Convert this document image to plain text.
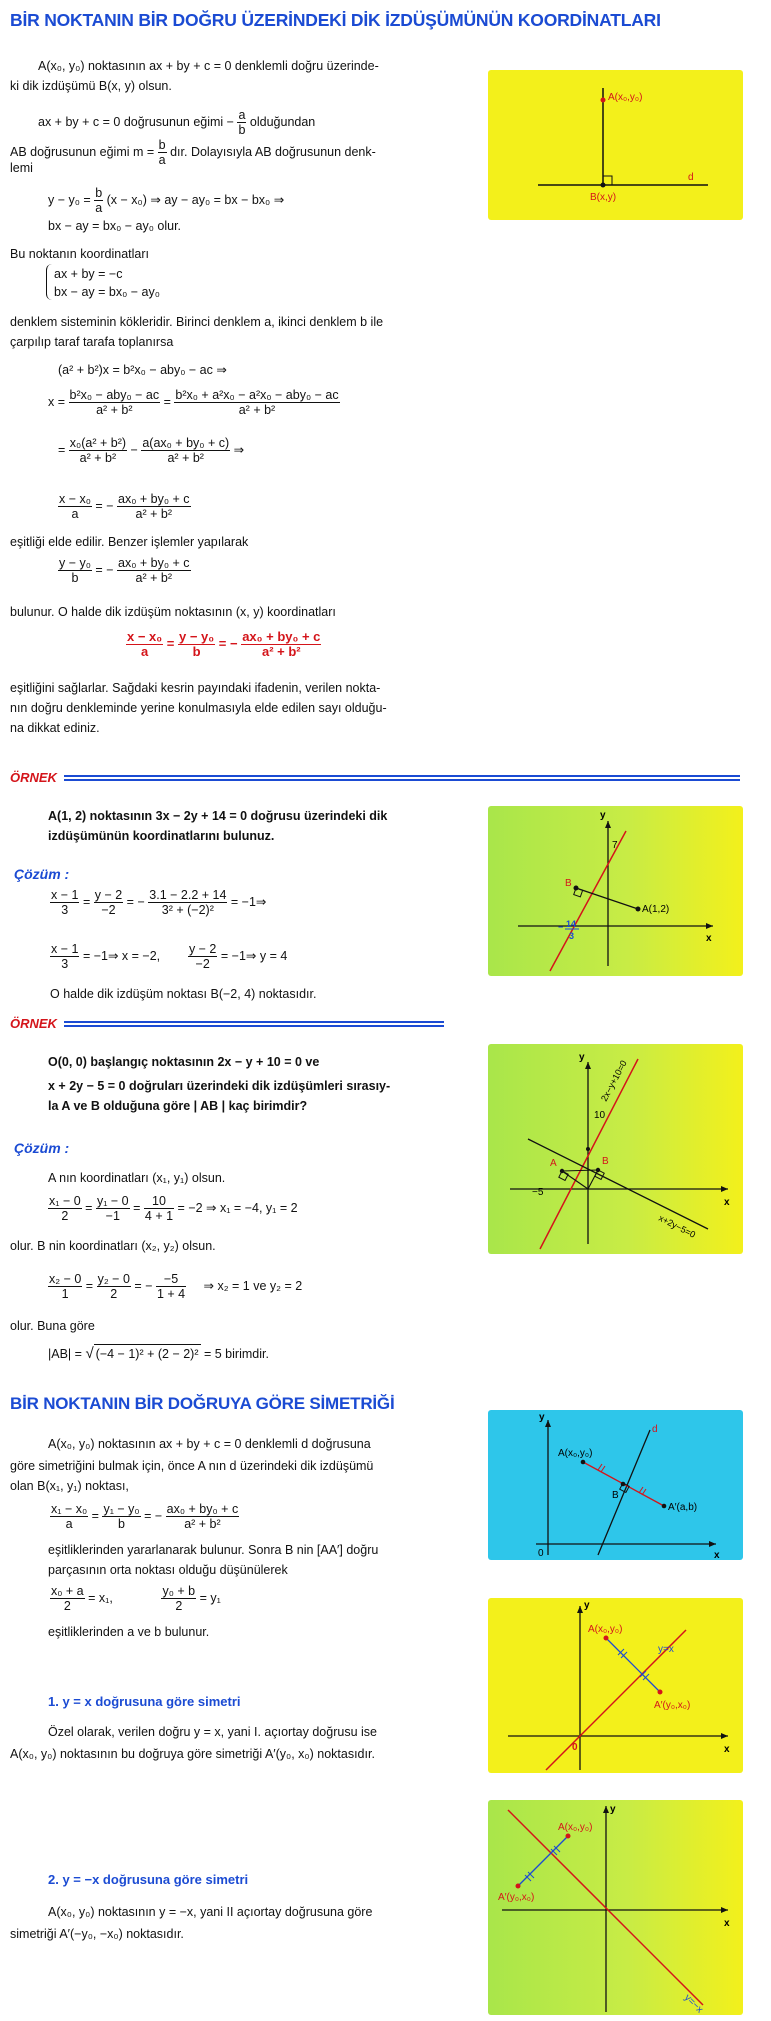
BİR NOKTANIN BİR DOĞRU ÜZERİNDEKİ DİK İZDÜŞÜMÜNÜN KOORDİNATLARI
A(x₀, y₀) noktasının ax + by + c = 0 denklemli doğru üzerinde-
ki dik izdüşümü B(x, y) olsun.
ax + by + c = 0 doğrusunun eğimi − $\frac{a}{b}$ olduğundan
AB doğrusunun eğimi $m = \frac{b}{a}$ dır. Dolayısıyla AB doğrusunun denk-
lemi
$y - y_0 = \frac{b}{a} (x - x_0)$ ⇒ ay − ay₀ = bx − bx₀ ⇒
bx − ay = bx₀ − ay₀ olur.
Bu noktanın koordinatları
ax + by = −c
bx − ay = bx₀ − ay₀
denklem sisteminin kökleridir. Birinci denklem a, ikinci denklem b ile
çarpılıp taraf tarafa toplanırsa
(a² + b²)x = b²x₀ − aby₀ − ac ⇒
$x = \frac{\text{b²x₀ − aby₀ − ac}}{\text{a² + b²}} = \frac{\text{b²x₀ + a²x₀ − a²x₀ − aby₀ − ac}}{\text{a² + b²}}$
= $\frac{\text{x₀(a² + b²)}}{\text{a² + b²}} - \frac{\text{a(ax₀ + by₀ + c)}}{\text{a² + b²}}$ ⇒
$\frac{\text{x − x₀}}{a}$ = − $\frac{\text{ax₀ + by₀ + c}}{\text{a² + b²}}$
eşitliği elde edilir. Benzer işlemler yapılarak
$\frac{\text{y − y₀}}{b}$ = − $\frac{\text{ax₀ + by₀ + c}}{\text{a² + b²}}$
bulunur. O halde dik izdüşüm noktasının (x, y) koordinatları
$\frac{\text{x − x₀}}{a} = \frac{\text{y − y₀}}{b}$ = − $\frac{\text{ax₀ + by₀ + c}}{\text{a² + b²}}$
eşitliğini sağlarlar. Sağdaki kesrin payındaki ifadenin, verilen nokta-
nın doğru denkleminde yerine konulmasıyla elde edilen sayı olduğu-
na dikkat ediniz.
A(x₀,y₀)
B(x,y)
d
ÖRNEK
A(1, 2) noktasının 3x − 2y + 14 = 0 doğrusu üzerindeki dik
izdüşümünün koordinatlarını bulunuz.
Çözüm :
$\frac{x - 1}{3} = \frac{y - 2}{-2}$ = − $\frac{3.1 - 2.2 + 14}{\text{3² + (−2)²}}$ = −1⇒
$\frac{x - 1}{3}$ = −1⇒ x = −2, $\frac{y - 2}{-2}$ = −1⇒ y = 4
O halde dik izdüşüm noktası B(−2, 4) noktasıdır.
y
x
7
A(1,2)
B
− 14
3
ÖRNEK
O(0, 0) başlangıç noktasının 2x − y + 10 = 0 ve
x + 2y − 5 = 0 doğruları üzerindeki dik izdüşümleri sırasıy-
la A ve B olduğuna göre | AB | kaç birimdir?
Çözüm :
A nın koordinatları (x₁, y₁) olsun.
$\frac{\text{x₁ − 0}}{2} = \frac{\text{y₁ − 0}}{-1} = \frac{10}{4 + 1} = -2$ ⇒ x₁ = −4, y₁ = 2
olur. B nin koordinatları (x₂, y₂) olsun.
$\frac{\text{x₂ − 0}}{1} = \frac{\text{y₂ − 0}}{2}$ = − $\frac{-5}{1 + 4}$ ⇒ x₂ = 1 ve y₂ = 2
olur. Buna göre
|AB| = √ (−4 − 1)² + (2 − 2)² = 5 birimdir.
y
x
10
−5
A	B
2x−y+10=0
x+2y−5=0
BİR NOKTANIN BİR DOĞRUYA GÖRE SİMETRİĞİ
A(x₀, y₀) noktasının ax + by + c = 0 denklemli d doğrusuna
göre simetriğini bulmak için, önce A nın d üzerindeki dik izdüşümü
olan B(x₁, y₁) noktası,
$\frac{\text{x₁ − x₀}}{a} = \frac{\text{y₁ − y₀}}{b}$ = − $\frac{\text{ax₀ + by₀ + c}}{\text{a² + b²}}$
eşitliklerinden yararlanarak bulunur. Sonra B nin [AA′] doğru
parçasının orta noktası olduğu düşünülerek
$\frac{\text{x₀ + a}}{2} = x_1$,	$\frac{\text{y₀ + b}}{2} = y_1$
eşitliklerinden a ve b bulunur.
y
x
0
A(x₀,y₀)
B
A′(a,b)
d
1. y = x doğrusuna göre simetri
Özel olarak, verilen doğru y = x, yani I. açıortay doğrusu ise
A(x₀, y₀) noktasının bu doğruya göre simetriği A′(y₀, x₀) noktasıdır.
y
x
0
A(x₀,y₀)
A′(y₀,x₀)
y=x
2. y = −x doğrusuna göre simetri
A(x₀, y₀) noktasının y = −x, yani II açıortay doğrusuna göre
simetriği A′(−y₀, −x₀) noktasıdır.
y
x
A(x₀,y₀)
A′(y₀,x₀)
y=−x
